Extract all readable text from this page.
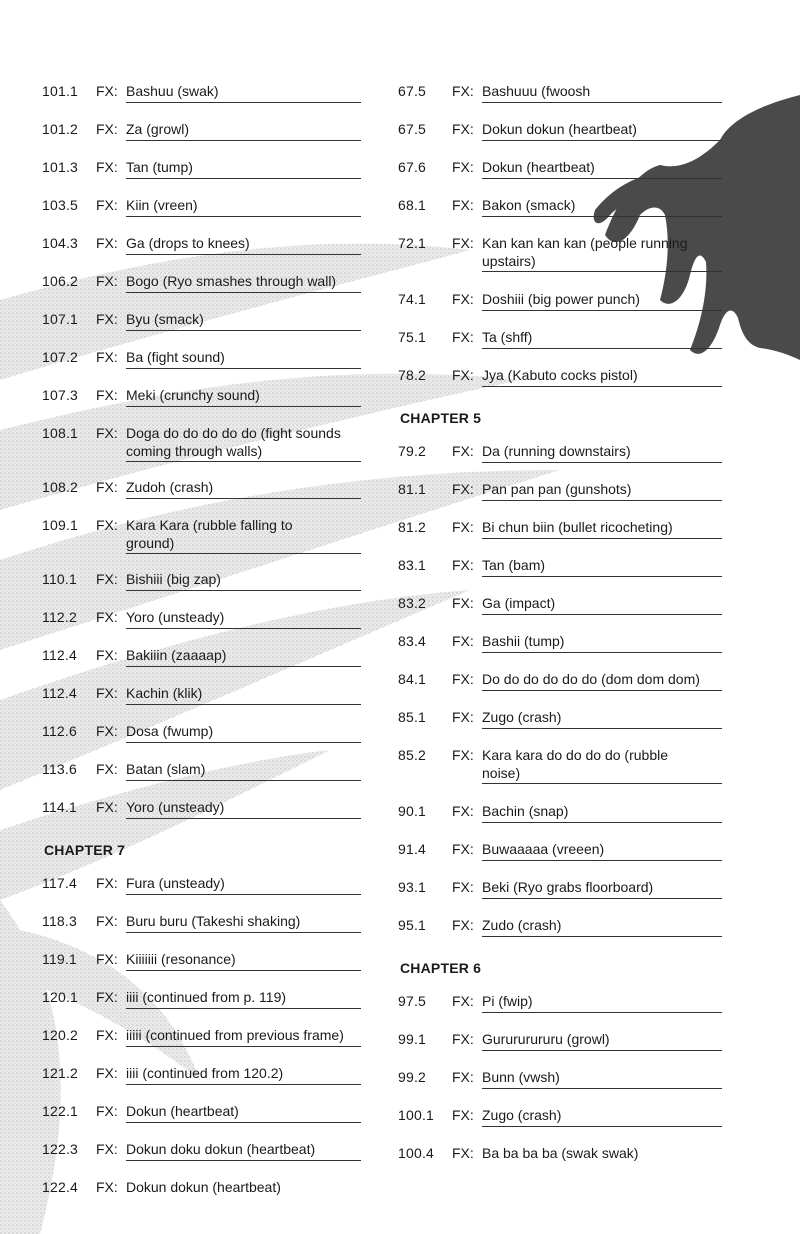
101.1 FX: Bashuu (swak)
101.2 FX: Za (growl)
101.3 FX: Tan (tump)
103.5 FX: Kiin (vreen)
104.3 FX: Ga (drops to knees)
106.2 FX: Bogo (Ryo smashes through wall)
107.1 FX: Byu (smack)
107.2 FX: Ba (fight sound)
107.3 FX: Meki (crunchy sound)
108.1 FX: Doga do do do do do (fight sounds
coming through walls)
108.2 FX: Zudoh (crash)
109.1 FX: Kara Kara (rubble falling to
ground)
110.1 FX: Bishiii (big zap)
112.2 FX: Yoro (unsteady)
112.4 FX: Bakiiin (zaaaap)
112.4 FX: Kachin (klik)
112.6 FX: Dosa (fwump)
113.6 FX: Batan (slam)
114.1 FX: Yoro (unsteady)
CHAPTER 7
117.4 FX: Fura (unsteady)
118.3 FX: Buru buru (Takeshi shaking)
119.1 FX: Kiiiiiii (resonance)
120.1 FX: iiii (continued from p. 119)
120.2 FX: iiiii (continued from previous frame)
121.2 FX: iiii (continued from 120.2)
122.1 FX: Dokun (heartbeat)
122.3 FX: Dokun doku dokun (heartbeat)
122.4 FX: Dokun dokun (heartbeat)
67.5 FX: Bashuuu (fwoosh
67.5 FX: Dokun dokun (heartbeat)
67.6 FX: Dokun (heartbeat)
68.1 FX: Bakon (smack)
72.1 FX: Kan kan kan kan (people running
upstairs)
74.1 FX: Doshiii (big power punch)
75.1 FX: Ta (shff)
78.2 FX: Jya (Kabuto cocks pistol)
CHAPTER 5
79.2 FX: Da (running downstairs)
81.1 FX: Pan pan pan (gunshots)
81.2 FX: Bi chun biin (bullet ricocheting)
83.1 FX: Tan (bam)
83.2 FX: Ga (impact)
83.4 FX: Bashii (tump)
84.1 FX: Do do do do do do (dom dom dom)
85.1 FX: Zugo (crash)
85.2 FX: Kara kara do do do do (rubble
noise)
90.1 FX: Bachin (snap)
91.4 FX: Buwaaaaa (vreeen)
93.1 FX: Beki (Ryo grabs floorboard)
95.1 FX: Zudo (crash)
CHAPTER 6
97.5 FX: Pi (fwip)
99.1 FX: Gurururururu (growl)
99.2 FX: Bunn (vwsh)
100.1 FX: Zugo (crash)
100.4 FX: Ba ba ba ba (swak swak)
